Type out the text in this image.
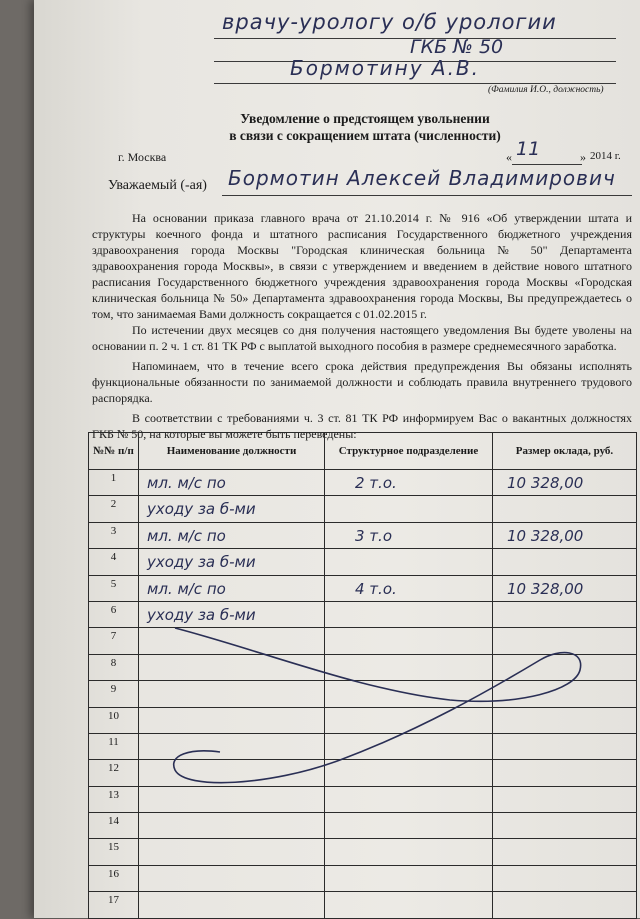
врачу-урологу о/б урологии
ГКБ № 50
Бормотину А.В.
(Фамилия И.О., должность)
Уведомление о предстоящем увольнении
в связи с сокращением штата (численности)
г. Москва	« 11	» 2014 г.
Уважаемый (-ая) Бормотин Алексей Владимирович

На основании приказа главного врача от 21.10.2014 г. № 916 «Об утверждении штата и структуры коечного фонда и штатного расписания Государственного бюджетного учреждения здравоохранения города Москвы "Городская клиническая больница № 50" Департамента здравоохранения города Москвы», в связи с утверждением и введением в действие нового штатного расписания Государственного бюджетного учреждения здравоохранения города Москвы «Городская клиническая больница № 50» Департамента здравоохранения города Москвы, Вы предупреждаетесь о том, что занимаемая Вами должность сокращается с 01.02.2015 г.

По истечении двух месяцев со дня получения настоящего уведомления Вы будете уволены на основании п. 2 ч. 1 ст. 81 ТК РФ с выплатой выходного пособия в размере среднемесячного заработка.

Напоминаем, что в течение всего срока действия предупреждения Вы обязаны исполнять функциональные обязанности по занимаемой должности и соблюдать правила внутреннего трудового распорядка.

В соответствии с требованиями ч. 3 ст. 81 ТК РФ информируем Вас о вакантных должностях ГКБ № 50, на которые вы можете быть переведены:

№№ п/п	Наименование должности	Структурное подразделение	Размер оклада, руб.
1	мл. м/с по	2 т.о.	10 328,00
2	уходу за б-ми		
3	мл. м/с по	3 т.о	10 328,00
4	уходу за б-ми		
5	мл. м/с по	4 т.о.	10 328,00
6	уходу за б-ми		
7			
8			
9			
10			
11			
12			
13			
14			
15			
16			
17			
